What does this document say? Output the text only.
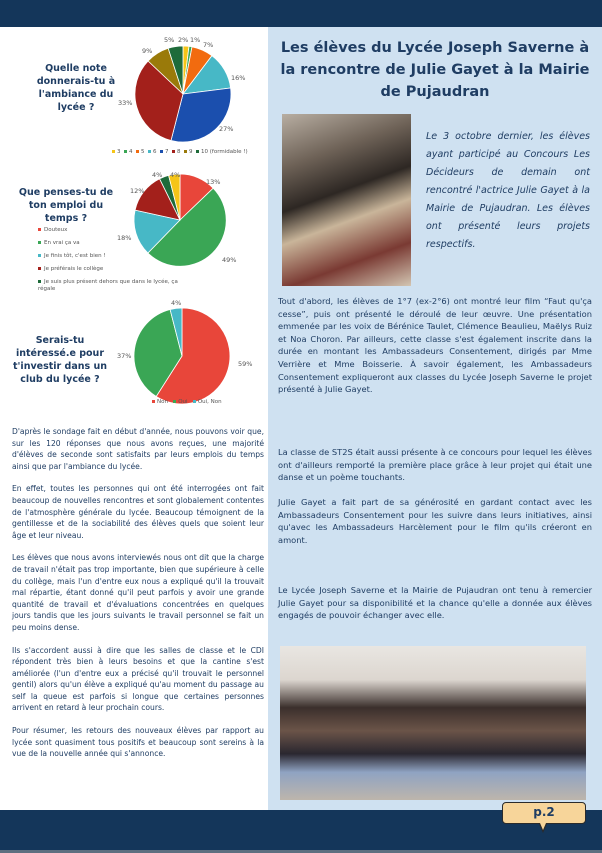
Quelle note donnerais-tu à l'ambiance du lycée ?
2% 1%
7%
16%
27%
33%
9%
5%
3 4 5 6 7 8 9 10 (formidable !)
Que penses-tu de ton emploi du temps ?
13%
49%
18%
12%
4% 4%
Douteux
En vrai ça va
Je finis tôt, c'est bien !
Je préférais le collège
Je suis plus présent dehors que dans le lycée, ça régale
Serais-tu intéressé.e pour t'investir dans un club du lycée ?
59%
37%
4%
Non Oui Oui, Non

D'après le sondage fait en début d'année, nous pouvons voir que, sur les 120 réponses que nous avons reçues, une majorité d'élèves de seconde sont satisfaits par leurs emplois du temps ainsi que par l'ambiance du lycée.

En effet, toutes les personnes qui ont été interrogées ont fait beaucoup de nouvelles rencontres et sont globalement contentes de l'atmosphère générale du lycée. Beaucoup témoignent de la gentillesse et de la sociabilité des élèves quels que soient leur âge et leur niveau.

Les élèves que nous avons interviewés nous ont dit que la charge de travail n'était pas trop importante, bien que supérieure à celle du collège, mais l'un d'entre eux nous a expliqué qu'il la trouvait mal répartie, étant donné qu'il peut parfois y avoir une grande quantité de travail et d'évaluations concentrées en quelques jours tandis que les jours suivants le travail personnel se fait un peu moins dense.

Ils s'accordent aussi à dire que les salles de classe et le CDI répondent très bien à leurs besoins et que la cantine s'est améliorée (l'un d'entre eux a précisé qu'il trouvait le personnel gentil) alors qu'un élève a expliqué qu'au moment du passage au self la queue est parfois si longue que certaines personnes arrivent en retard à leur prochain cours.

Pour résumer, les retours des nouveaux élèves par rapport au lycée sont quasiment tous positifs et beaucoup sont sereins à la vue de la nouvelle année qui s'annonce.

Les élèves du Lycée Joseph Saverne à la rencontre de Julie Gayet à la Mairie de Pujaudran
Le 3 octobre dernier, les élèves ayant participé au Concours Les Décideurs de demain ont rencontré l'actrice Julie Gayet à la Mairie de Pujaudran. Les élèves ont présenté leurs projets respectifs.
Tout d'abord, les élèves de 1°7 (ex-2°6) ont montré leur film “Faut qu'ça cesse”, puis ont présenté le déroulé de leur œuvre. Une présentation emmenée par les voix de Bérénice Taulet, Clémence Beaulieu, Maëlys Ruiz et Noa Choron. Par ailleurs, cette classe s'est également inscrite dans la durée en montant les Ambassadeurs Consentement, dirigés par Mme Verrière et Mme Boisserie. À savoir également, les Ambassadeurs Consentement expliqueront aux classes du Lycée Joseph Saverne le projet présenté à Julie Gayet.
La classe de ST2S était aussi présente à ce concours pour lequel les élèves ont d'ailleurs remporté la première place grâce à leur projet qui était une danse et un poème touchants.
Julie Gayet a fait part de sa générosité en gardant contact avec les Ambassadeurs Consentement pour les suivre dans leurs initiatives, ainsi qu'avec les Ambassadeurs Harcèlement pour le film qu'ils créeront en amont.
Le Lycée Joseph Saverne et la Mairie de Pujaudran ont tenu à remercier Julie Gayet pour sa disponibilité et la chance qu'elle a donnée aux élèves engagés de pouvoir échanger avec elle.
p.2
